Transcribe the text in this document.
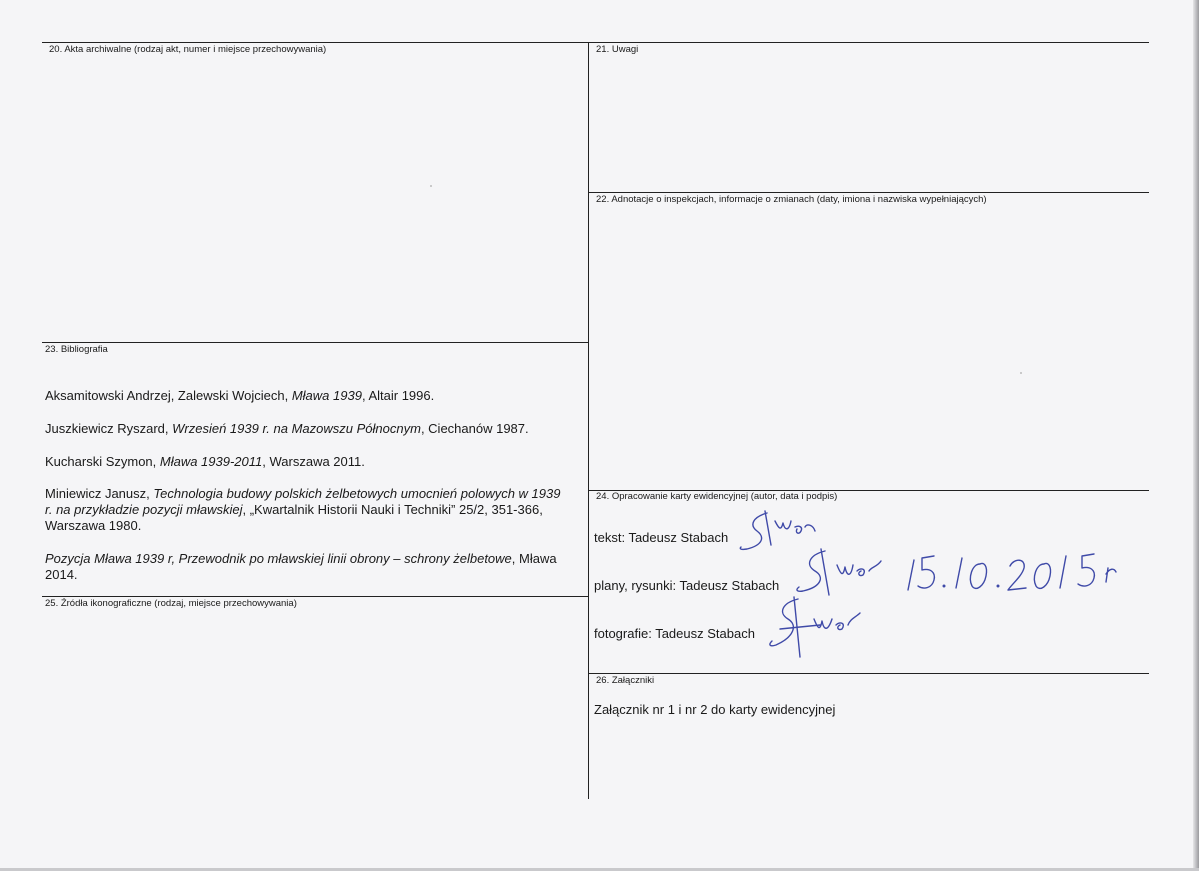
20. Akta archiwalne (rodzaj akt, numer i miejsce przechowywania)	21. Uwagi
22. Adnotacje o inspekcjach, informacje o zmianach (daty, imiona i nazwiska wypełniających)
23. Bibliografia
24. Opracowanie karty ewidencyjnej (autor, data i podpis)
25. Źródła ikonograficzne (rodzaj, miejsce przechowywania)
26. Załączniki
Aksamitowski Andrzej, Zalewski Wojciech, Mława 1939, Altair 1996.
Juszkiewicz Ryszard, Wrzesień 1939 r. na Mazowszu Północnym, Ciechanów 1987.
Kucharski Szymon, Mława 1939-2011, Warszawa 2011.
Miniewicz Janusz, Technologia budowy polskich żelbetowych umocnień polowych w 1939 r. na przykładzie pozycji mławskiej, „Kwartalnik Historii Nauki i Techniki” 25/2, 351-366, Warszawa 1980.
Pozycja Mława 1939 r, Przewodnik po mławskiej linii obrony – schrony żelbetowe, Mława 2014.
tekst: Tadeusz Stabach
plany, rysunki: Tadeusz Stabach
fotografie: Tadeusz Stabach
Załącznik nr 1 i nr 2 do karty ewidencyjnej
